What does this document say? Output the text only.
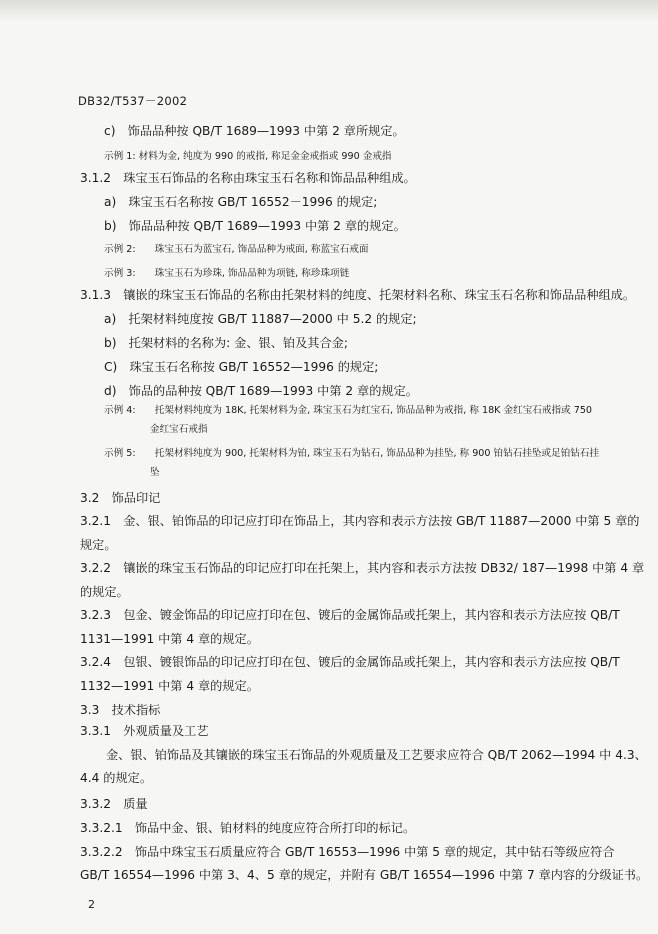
DB32/T537－2002
c)　饰品品种按 QB/T 1689—1993 中第 2 章所规定。
示例 1: 材料为金, 纯度为 990 的戒指, 称足金金戒指或 990 金戒指
3.1.2　珠宝玉石饰品的名称由珠宝玉石名称和饰品品种组成。
a)　珠宝玉石名称按 GB/T 16552－1996 的规定;
b)　饰品品种按 QB/T 1689—1993 中第 2 章的规定。
示例 2:　　珠宝玉石为蓝宝石, 饰品品种为戒面, 称蓝宝石戒面
示例 3:　　珠宝玉石为珍珠, 饰品品种为项链, 称珍珠项链
3.1.3　镶嵌的珠宝玉石饰品的名称由托架材料的纯度、托架材料名称、珠宝玉石名称和饰品品种组成。
a)　托架材料纯度按 GB/T 11887—2000 中 5.2 的规定;
b)　托架材料的名称为: 金、银、铂及其合金;
C)　珠宝玉石名称按 GB/T 16552—1996 的规定;
d)　饰品的品种按 QB/T 1689—1993 中第 2 章的规定。
示例 4:　　托架材料纯度为 18K, 托架材料为金, 珠宝玉石为红宝石, 饰品品种为戒指, 称 18K 金红宝石戒指或 750
金红宝石戒指
示例 5:　　托架材料纯度为 900, 托架材料为铂, 珠宝玉石为钻石, 饰品品种为挂坠, 称 900 铂钻石挂坠或足铂钻石挂
坠
3.2　饰品印记
3.2.1　金、银、铂饰品的印记应打印在饰品上，其内容和表示方法按 GB/T 11887—2000 中第 5 章的
规定。
3.2.2　镶嵌的珠宝玉石饰品的印记应打印在托架上，其内容和表示方法按 DB32/ 187—1998 中第 4 章
的规定。
3.2.3　包金、镀金饰品的印记应打印在包、镀后的金属饰品或托架上，其内容和表示方法应按 QB/T
1131—1991 中第 4 章的规定。
3.2.4　包银、镀银饰品的印记应打印在包、镀后的金属饰品或托架上，其内容和表示方法应按 QB/T
1132—1991 中第 4 章的规定。
3.3　技术指标
3.3.1　外观质量及工艺
金、银、铂饰品及其镶嵌的珠宝玉石饰品的外观质量及工艺要求应符合 QB/T 2062—1994 中 4.3、
4.4 的规定。
3.3.2　质量
3.3.2.1　饰品中金、银、铂材料的纯度应符合所打印的标记。
3.3.2.2　饰品中珠宝玉石质量应符合 GB/T 16553—1996 中第 5 章的规定，其中钻石等级应符合
GB/T 16554—1996 中第 3、4、5 章的规定，并附有 GB/T 16554—1996 中第 7 章内容的分级证书。
2
